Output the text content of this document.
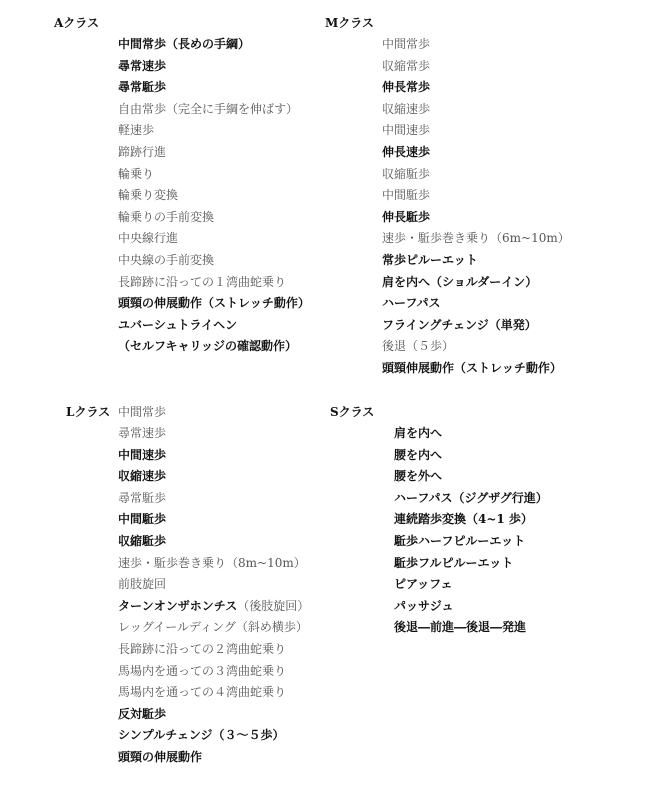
Aクラス
中間常歩（長めの手綱）
尋常速歩
尋常駈歩
自由常歩（完全に手綱を伸ばす）
軽速歩
蹄跡行進
輪乗り
輪乗り変換
輪乗りの手前変換
中央線行進
中央線の手前変換
長蹄跡に沿っての１湾曲蛇乗り
頭頸の伸展動作（ストレッチ動作）
ユバーシュトライヘン
（セルフキャリッジの確認動作）
Mクラス
中間常歩
収縮常歩
伸長常歩
収縮速歩
中間速歩
伸長速歩
収縮駈歩
中間駈歩
伸長駈歩
速歩・駈歩巻き乗り（6m~10m）
常歩ピルーエット
肩を内へ（ショルダーイン）
ハーフパス
フライングチェンジ（単発）
後退（５歩）
頭頸伸展動作（ストレッチ動作）
Lクラス 中間常歩
尋常速歩
中間速歩
収縮速歩
尋常駈歩
中間駈歩
収縮駈歩
速歩・駈歩巻き乗り（8m~10m）
前肢旋回
ターンオンザホンチス（後肢旋回）
レッグイールディング（斜め横歩）
長蹄跡に沿っての２湾曲蛇乗り
馬場内を通っての３湾曲蛇乗り
馬場内を通っての４湾曲蛇乗り
反対駈歩
シンプルチェンジ（３～５歩）
頭頸の伸展動作
Sクラス
肩を内へ
腰を内へ
腰を外へ
ハーフパス（ジグザグ行進）
連続踏歩変換（4~1 歩）
駈歩ハーフピルーエット
駈歩フルピルーエット
ピアッフェ
パッサジュ
後退―前進―後退―発進
